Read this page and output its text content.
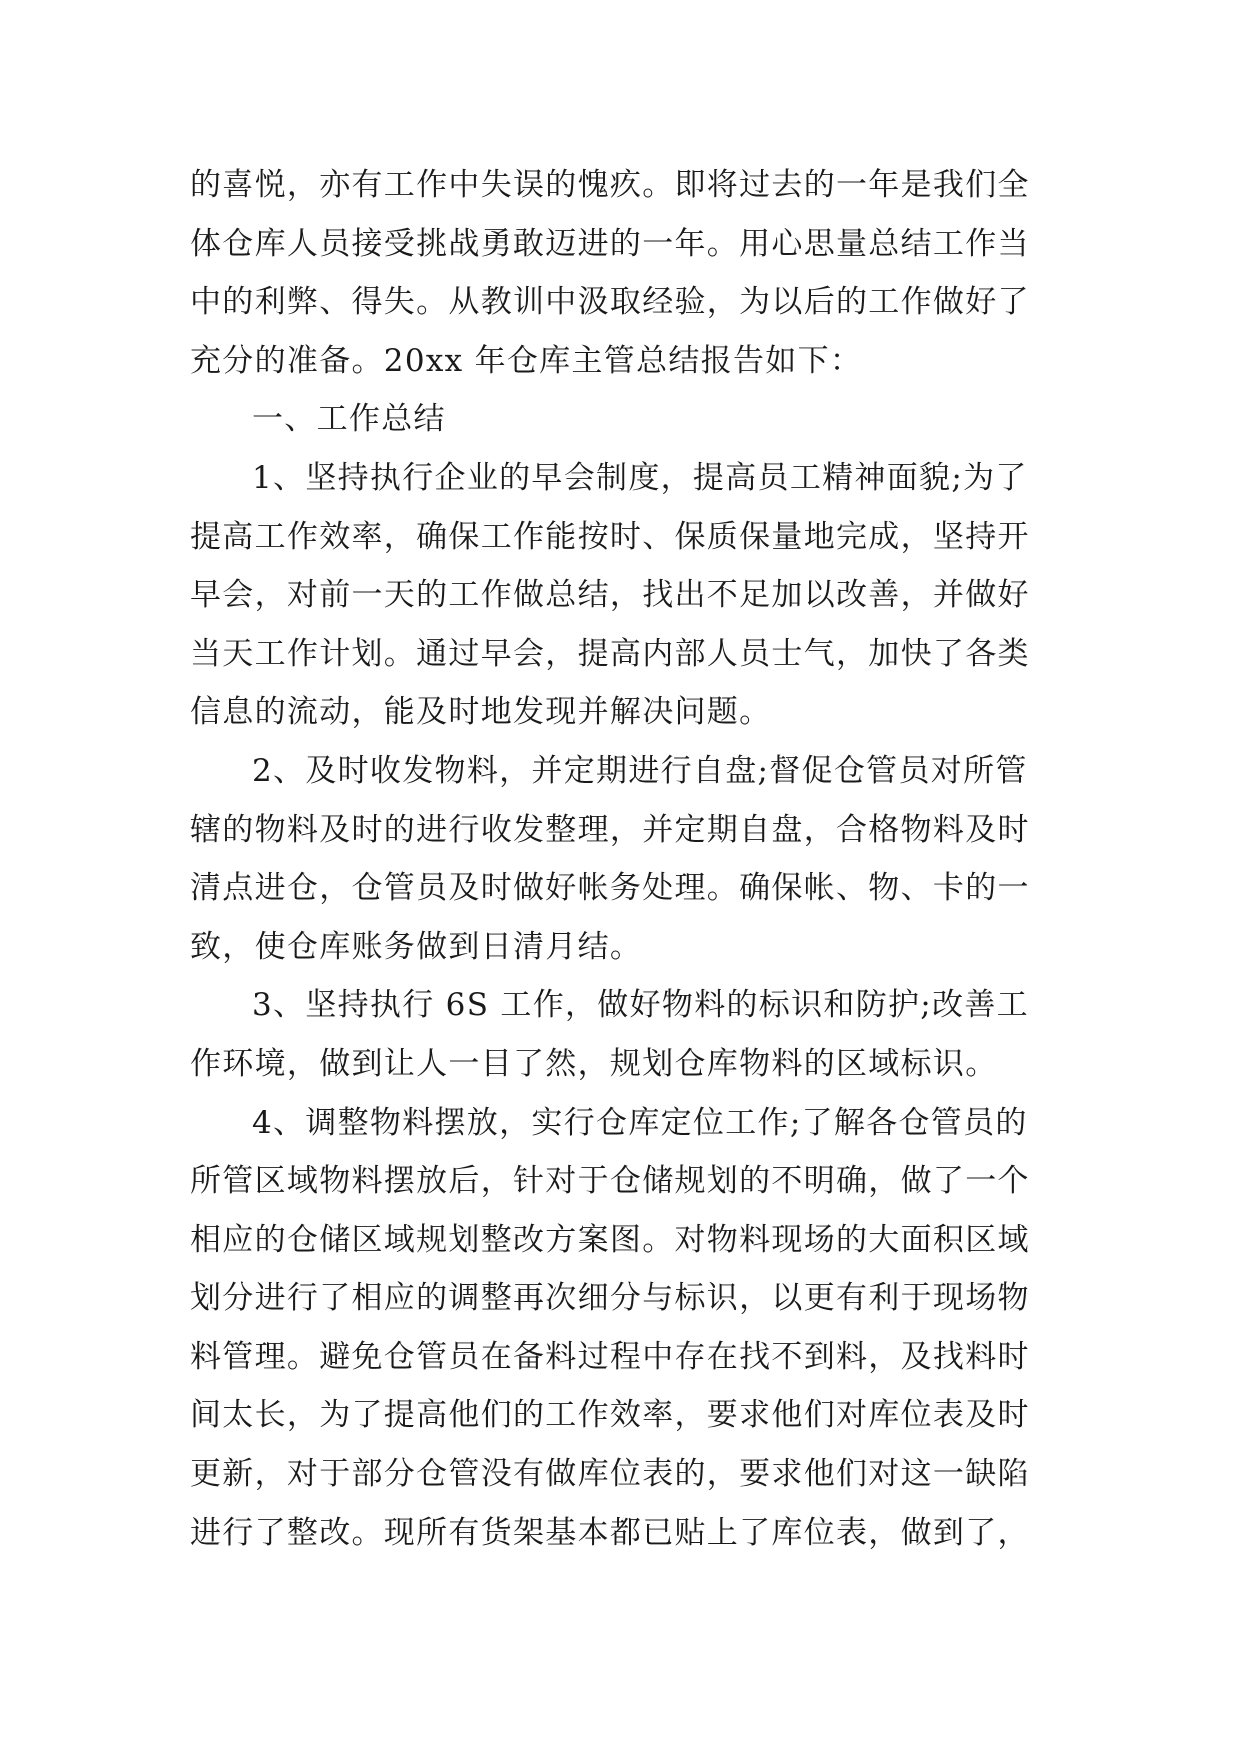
的喜悦，亦有工作中失误的愧疚。即将过去的一年是我们全
体仓库人员接受挑战勇敢迈进的一年。用心思量总结工作当
中的利弊、得失。从教训中汲取经验，为以后的工作做好了
充分的准备。20xx 年仓库主管总结报告如下：
一、工作总结
1、坚持执行企业的早会制度，提高员工精神面貌;为了
提高工作效率，确保工作能按时、保质保量地完成，坚持开
早会，对前一天的工作做总结，找出不足加以改善，并做好
当天工作计划。通过早会，提高内部人员士气，加快了各类
信息的流动，能及时地发现并解决问题。
2、及时收发物料，并定期进行自盘;督促仓管员对所管
辖的物料及时的进行收发整理，并定期自盘，合格物料及时
清点进仓，仓管员及时做好帐务处理。确保帐、物、卡的一
致，使仓库账务做到日清月结。
3、坚持执行 6S 工作，做好物料的标识和防护;改善工
作环境，做到让人一目了然，规划仓库物料的区域标识。
4、调整物料摆放，实行仓库定位工作;了解各仓管员的
所管区域物料摆放后，针对于仓储规划的不明确，做了一个
相应的仓储区域规划整改方案图。对物料现场的大面积区域
划分进行了相应的调整再次细分与标识，以更有利于现场物
料管理。避免仓管员在备料过程中存在找不到料，及找料时
间太长，为了提高他们的工作效率，要求他们对库位表及时
更新，对于部分仓管没有做库位表的，要求他们对这一缺陷
进行了整改。现所有货架基本都已贴上了库位表，做到了，
